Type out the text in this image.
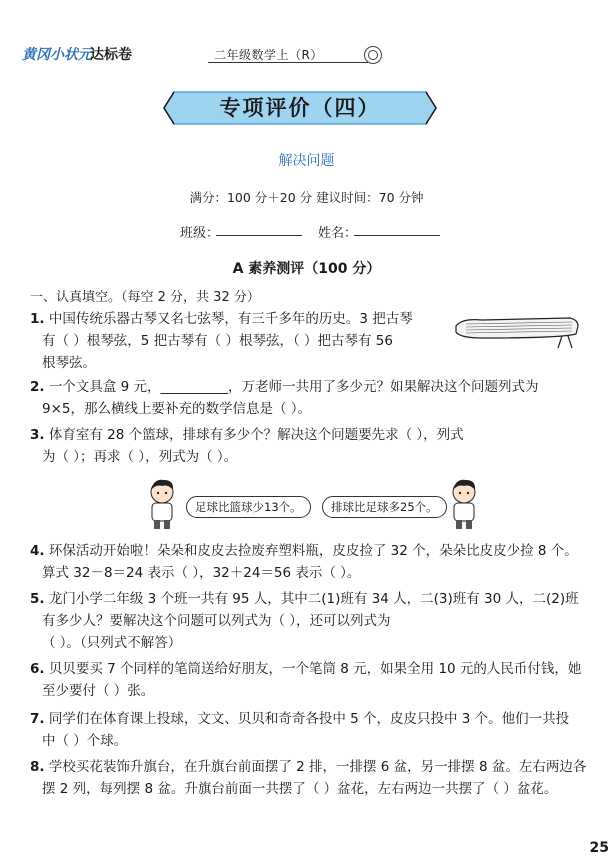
黄冈小状元
达标卷	二年级数学上（R）
专项评价（四）
解决问题
满分：100 分＋20 分 建议时间：70 分钟
班级：	姓名：
A 素养测评（100 分）
一、认真填空。（每空 2 分，共 32 分）
1. 中国传统乐器古琴又名七弦琴，有三千多年的历史。3 把古琴
有（ ）根琴弦，5 把古琴有（ ）根琴弦，（ ）把古琴有 56
根琴弦。
2. 一个文具盒 9 元，__________，万老师一共用了多少元？如果解决这个问题列式为
9×5，那么横线上要补充的数学信息是（ ）。
3. 体育室有 28 个篮球，排球有多少个？解决这个问题要先求（ ），列式
为（ ）；再求（ ），列式为（ ）。
足球比篮球少13个。	排球比足球多25个。
4. 环保活动开始啦！朵朵和皮皮去捡废弃塑料瓶，皮皮捡了 32 个，朵朵比皮皮少捡 8 个。
算式 32－8＝24 表示（ ），32＋24＝56 表示（ ）。
5. 龙门小学二年级 3 个班一共有 95 人，其中二(1)班有 34 人，二(3)班有 30 人，二(2)班
有多少人？要解决这个问题可以列式为（ ），还可以列式为
（ ）。（只列式不解答）
6. 贝贝要买 7 个同样的笔筒送给好朋友，一个笔筒 8 元，如果全用 10 元的人民币付钱，她
至少要付（ ）张。
7. 同学们在体育课上投球，文文、贝贝和奇奇各投中 5 个，皮皮只投中 3 个。他们一共投
中（ ）个球。
8. 学校买花装饰升旗台，在升旗台前面摆了 2 排，一排摆 6 盆，另一排摆 8 盆。左右两边各
摆 2 列，每列摆 8 盆。升旗台前面一共摆了（ ）盆花，左右两边一共摆了（ ）盆花。
25
